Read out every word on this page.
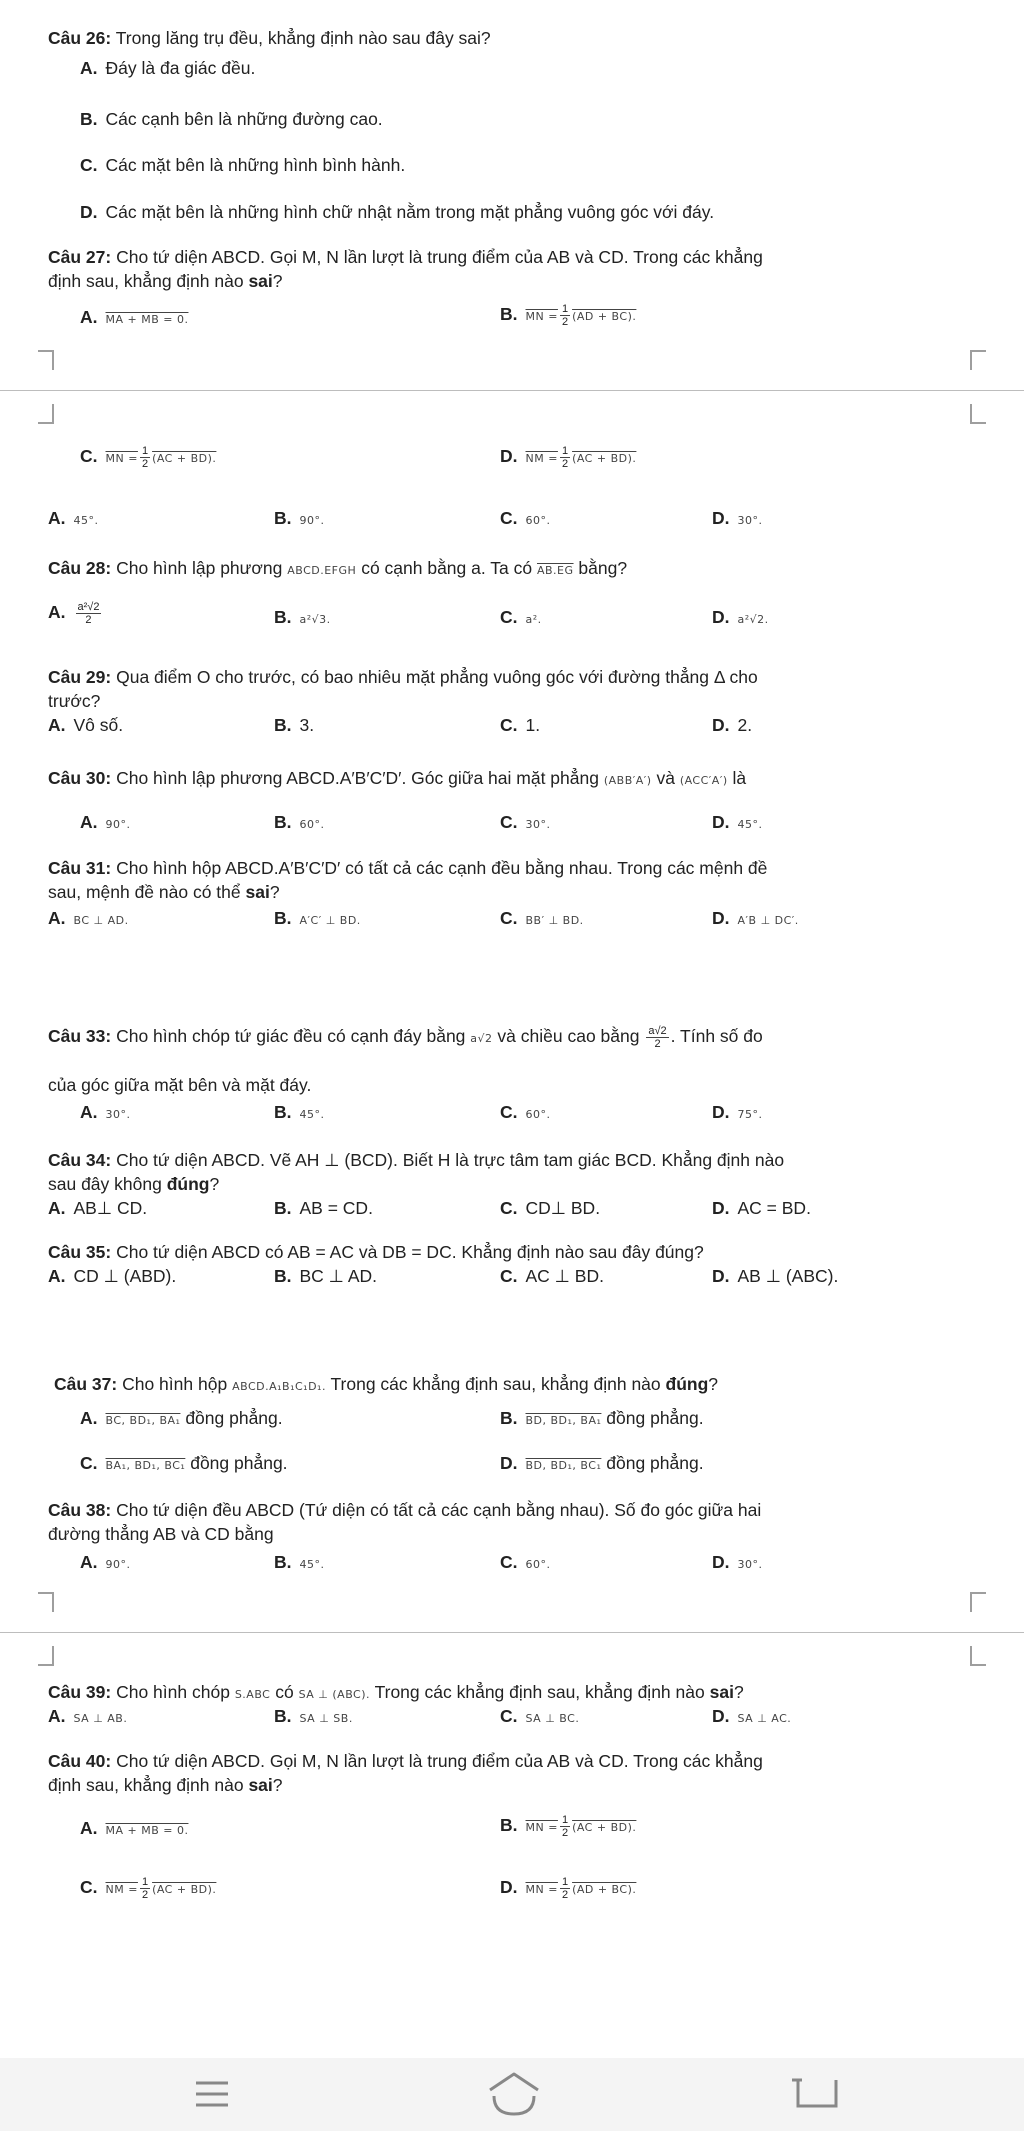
Câu 26: Trong lăng trụ đều, khẳng định nào sau đây sai?
A. Đáy là đa giác đều.
B. Các cạnh bên là những đường cao.
C. Các mặt bên là những hình bình hành.
D. Các mặt bên là những hình chữ nhật nằm trong mặt phẳng vuông góc với đáy.
Câu 27: Cho tứ diện ABCD. Gọi M, N lần lượt là trung điểm của AB và CD. Trong các khẳng
định sau, khẳng định nào sai?
A. MA + MB = 0.	B. MN = $\frac{1}{2} (AD + BC)$.
C. MN = $\frac{1}{2} (AC + BD)$.	D. NM = $\frac{1}{2} (AC + BD)$.
A. 45°.	B. 90°.	C. 60°.	D. 30°.
Câu 28: Cho hình lập phương ABCD.EFGH có cạnh bằng a. Ta có AB.EG bằng?
A. $\frac{\text{a²√2}}{2}$	B. a²√3.	C. a².	D. a²√2.
Câu 29: Qua điểm O cho trước, có bao nhiêu mặt phẳng vuông góc với đường thẳng Δ cho
trước?
A. Vô số.	B. 3.	C. 1.	D. 2.
Câu 30: Cho hình lập phương ABCD.A′B′C′D′. Góc giữa hai mặt phẳng (ABB′A′) và (ACC′A′) là
A. 90°.	B. 60°.	C. 30°.	D. 45°.
Câu 31: Cho hình hộp ABCD.A′B′C′D′ có tất cả các cạnh đều bằng nhau. Trong các mệnh đề
sau, mệnh đề nào có thể sai?
A. BC ⊥ AD.	B. A′C′ ⊥ BD.	C. BB′ ⊥ BD.	D. A′B ⊥ DC′.
Câu 33: Cho hình chóp tứ giác đều có cạnh đáy bằng a√2 và chiều cao bằng $\frac{a√2}{2}$ . Tính số đo
của góc giữa mặt bên và mặt đáy.
A. 30°.	B. 45°.	C. 60°.	D. 75°.
Câu 34: Cho tứ diện ABCD. Vẽ AH ⊥ (BCD). Biết H là trực tâm tam giác BCD. Khẳng định nào
sau đây không đúng?
A. AB⊥ CD.	B. AB = CD.	C. CD⊥ BD.	D. AC = BD.
Câu 35: Cho tứ diện ABCD có AB = AC và DB = DC. Khẳng định nào sau đây đúng?
A. CD ⊥ (ABD).	B. BC ⊥ AD.	C. AC ⊥ BD.	D. AB ⊥ (ABC).
Câu 37: Cho hình hộp ABCD.A₁B₁C₁D₁. Trong các khẳng định sau, khẳng định nào đúng?
A. BC, BD₁, BA₁ đồng phẳng.	B. BD, BD₁, BA₁ đồng phẳng.
C. BA₁, BD₁, BC₁ đồng phẳng.	D. BD, BD₁, BC₁ đồng phẳng.
Câu 38: Cho tứ diện đều ABCD (Tứ diện có tất cả các cạnh bằng nhau). Số đo góc giữa hai
đường thẳng AB và CD bằng
A. 90°.	B. 45°.	C. 60°.	D. 30°.
Câu 39: Cho hình chóp S.ABC có SA ⊥ (ABC). Trong các khẳng định sau, khẳng định nào sai?
A. SA ⊥ AB.	B. SA ⊥ SB.	C. SA ⊥ BC.	D. SA ⊥ AC.
Câu 40: Cho tứ diện ABCD. Gọi M, N lần lượt là trung điểm của AB và CD. Trong các khẳng
định sau, khẳng định nào sai?
A. MA + MB = 0.	B. MN = $\frac{1}{2} (AC + BD)$.
C. NM = $\frac{1}{2} (AC + BD)$.	D. MN = $\frac{1}{2} (AD + BC)$.
